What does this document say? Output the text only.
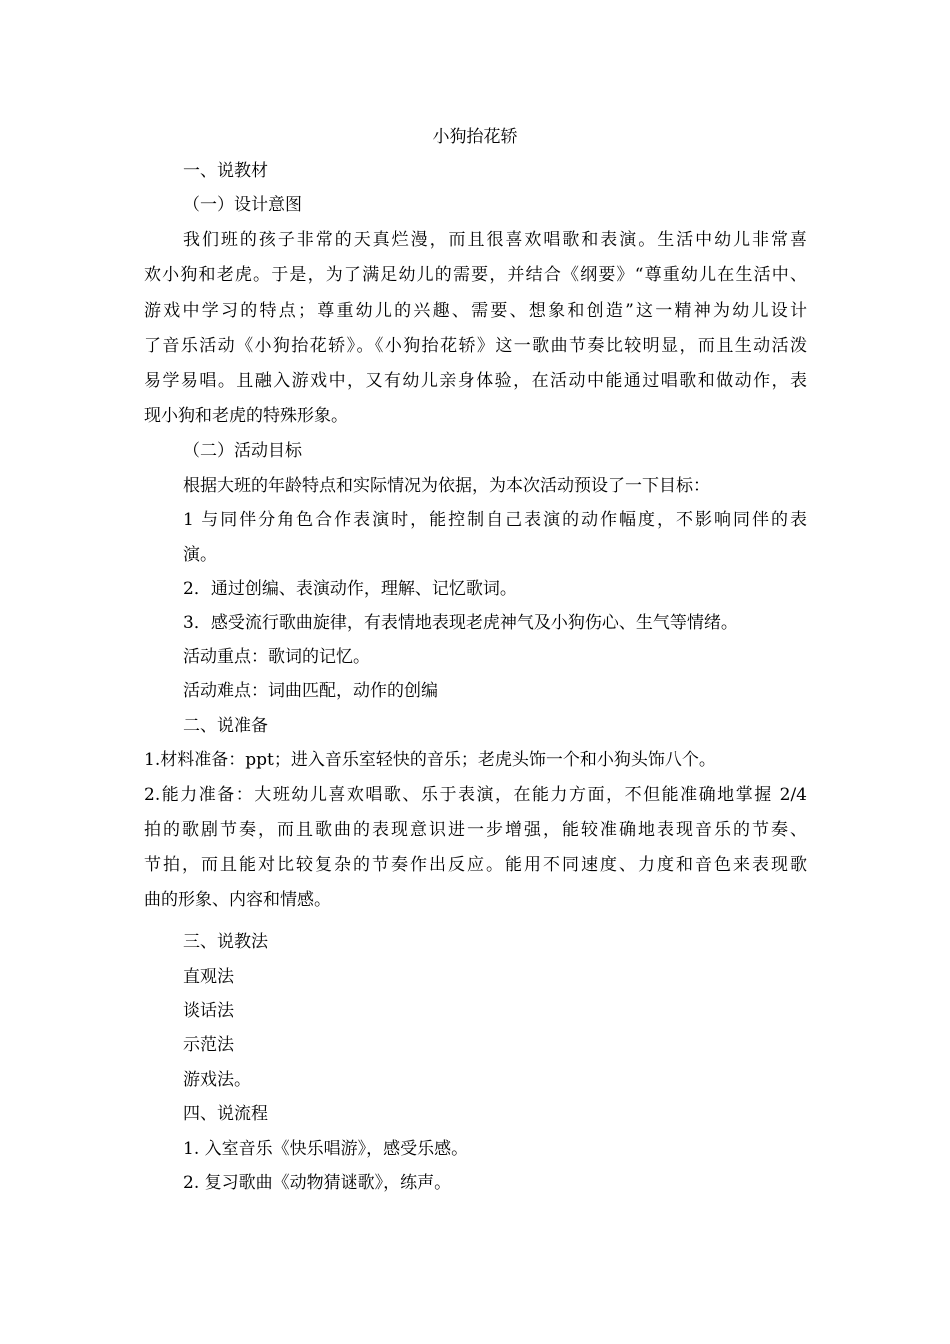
小狗抬花轿
一、说教材
（一）设计意图
我们班的孩子非常的天真烂漫，而且很喜欢唱歌和表演。生活中幼儿非常喜
欢小狗和老虎。于是，为了满足幼儿的需要，并结合《纲要》“尊重幼儿在生活中、
游戏中学习的特点；尊重幼儿的兴趣、需要、想象和创造”这一精神为幼儿设计
了音乐活动《小狗抬花轿》。《小狗抬花轿》这一歌曲节奏比较明显，而且生动活泼
易学易唱。且融入游戏中，又有幼儿亲身体验，在活动中能通过唱歌和做动作，表
现小狗和老虎的特殊形象。
（二）活动目标
根据大班的年龄特点和实际情况为依据，为本次活动预设了一下目标：
1 与同伴分角色合作表演时，能控制自己表演的动作幅度，不影响同伴的表
演。
2．通过创编、表演动作，理解、记忆歌词。
3．感受流行歌曲旋律，有表情地表现老虎神气及小狗伤心、生气等情绪。
活动重点：歌词的记忆。
活动难点：词曲匹配，动作的创编
二、说准备
1.材料准备：ppt；进入音乐室轻快的音乐；老虎头饰一个和小狗头饰八个。
2.能力准备：大班幼儿喜欢唱歌、乐于表演，在能力方面，不但能准确地掌握 2/4
拍的歌剧节奏，而且歌曲的表现意识进一步增强，能较准确地表现音乐的节奏、
节拍，而且能对比较复杂的节奏作出反应。能用不同速度、力度和音色来表现歌
曲的形象、内容和情感。
三、说教法
直观法
谈话法
示范法
游戏法。
四、说流程
1. 入室音乐《快乐唱游》，感受乐感。
2. 复习歌曲《动物猜谜歌》，练声。
